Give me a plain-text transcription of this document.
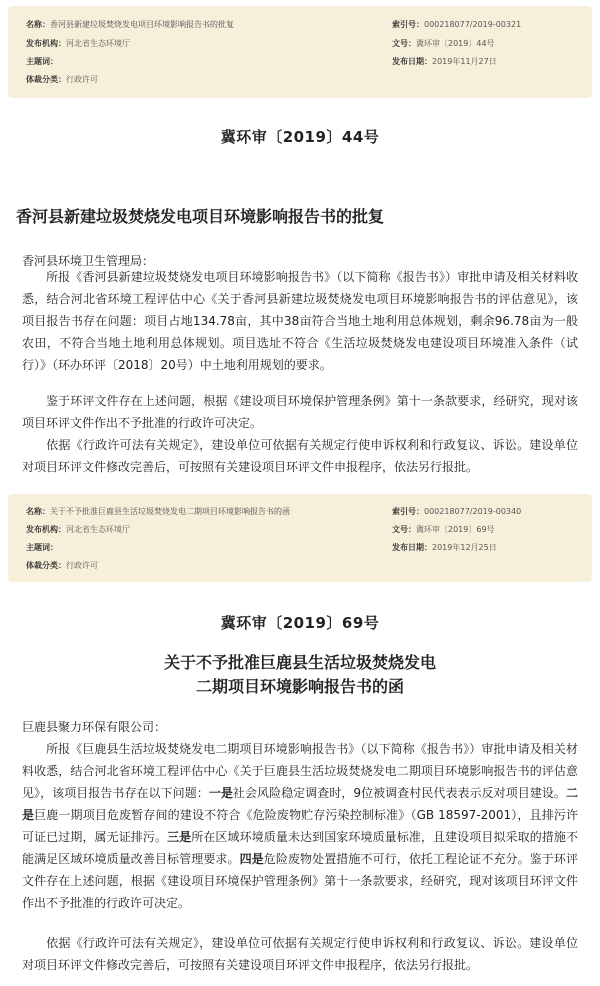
名称：香河县新建垃圾焚烧发电项目环境影响报告书的批复
发布机构：河北省生态环境厅
主题词：
体裁分类：行政许可
索引号：000218077/2019-00321
文号：冀环审〔2019〕44号
发布日期：2019年11月27日
冀环审〔2019〕44号
香河县新建垃圾焚烧发电项目环境影响报告书的批复
香河县环境卫生管理局：
所报《香河县新建垃圾焚烧发电项目环境影响报告书》（以下简称《报告书》）审批申请及相关材料收悉，结合河北省环境工程评估中心《关于香河县新建垃圾焚烧发电项目环境影响报告书的评估意见》，该项目报告书存在问题：项目占地134.78亩，其中38亩符合当地土地利用总体规划，剩余96.78亩为一般农田，不符合当地土地利用总体规划。项目选址不符合《生活垃圾焚烧发电建设项目环境准入条件（试行）》（环办环评〔2018〕20号）中土地利用规划的要求。
鉴于环评文件存在上述问题，根据《建设项目环境保护管理条例》第十一条款要求，经研究，现对该项目环评文件作出不予批准的行政许可决定。
依据《行政许可法有关规定》，建设单位可依据有关规定行使申诉权利和行政复议、诉讼。建设单位对项目环评文件修改完善后，可按照有关建设项目环评文件申报程序，依法另行报批。
名称：关于不予批准巨鹿县生活垃圾焚烧发电二期项目环境影响报告书的函
发布机构：河北省生态环境厅
主题词：
体裁分类：行政许可
索引号：000218077/2019-00340
文号：冀环审〔2019〕69号
发布日期：2019年12月25日
冀环审〔2019〕69号
关于不予批准巨鹿县生活垃圾焚烧发电
二期项目环境影响报告书的函
巨鹿县聚力环保有限公司：
所报《巨鹿县生活垃圾焚烧发电二期项目环境影响报告书》（以下简称《报告书》）审批申请及相关材料收悉，结合河北省环境工程评估中心《关于巨鹿县生活垃圾焚烧发电二期项目环境影响报告书的评估意见》，该项目报告书存在以下问题：一是社会风险稳定调查时，9位被调查村民代表表示反对项目建设。二是巨鹿一期项目危废暂存间的建设不符合《危险废物贮存污染控制标准》（GB 18597-2001），且排污许可证已过期，属无证排污。三是所在区域环境质量未达到国家环境质量标准，且建设项目拟采取的措施不能满足区域环境质量改善目标管理要求。四是危险废物处置措施不可行，依托工程论证不充分。鉴于环评文件存在上述问题，根据《建设项目环境保护管理条例》第十一条款要求，经研究，现对该项目环评文件作出不予批准的行政许可决定。
依据《行政许可法有关规定》，建设单位可依据有关规定行使申诉权利和行政复议、诉讼。建设单位对项目环评文件修改完善后，可按照有关建设项目环评文件申报程序，依法另行报批。
